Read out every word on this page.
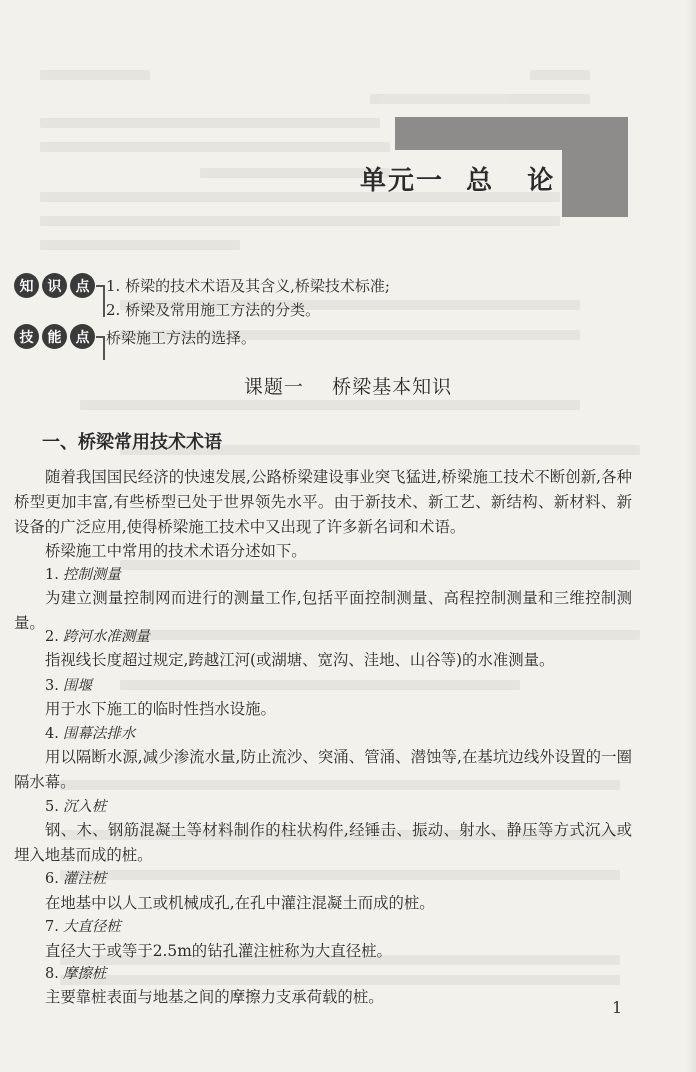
单元一  总   论
知	识	点	1. 桥梁的技术术语及其含义,桥梁技术标准;
2. 桥梁及常用施工方法的分类。
技	能	点	桥梁施工方法的选择。
课题一    桥梁基本知识
一、桥梁常用技术术语
随着我国国民经济的快速发展,公路桥梁建设事业突飞猛进,桥梁施工技术不断创新,各种桥型更加丰富,有些桥型已处于世界领先水平。由于新技术、新工艺、新结构、新材料、新设备的广泛应用,使得桥梁施工技术中又出现了许多新名词和术语。
桥梁施工中常用的技术术语分述如下。
1. 控制测量
为建立测量控制网而进行的测量工作,包括平面控制测量、高程控制测量和三维控制测量。
2. 跨河水准测量
指视线长度超过规定,跨越江河(或湖塘、宽沟、洼地、山谷等)的水准测量。
3. 围堰
用于水下施工的临时性挡水设施。
4. 围幕法排水
用以隔断水源,减少渗流水量,防止流沙、突涌、管涌、潜蚀等,在基坑边线外设置的一圈隔水幕。
5. 沉入桩
钢、木、钢筋混凝土等材料制作的柱状构件,经锤击、振动、射水、静压等方式沉入或埋入地基而成的桩。
6. 灌注桩
在地基中以人工或机械成孔,在孔中灌注混凝土而成的桩。
7. 大直径桩
直径大于或等于2.5m的钻孔灌注桩称为大直径桩。
8. 摩擦桩
主要靠桩表面与地基之间的摩擦力支承荷载的桩。
1
